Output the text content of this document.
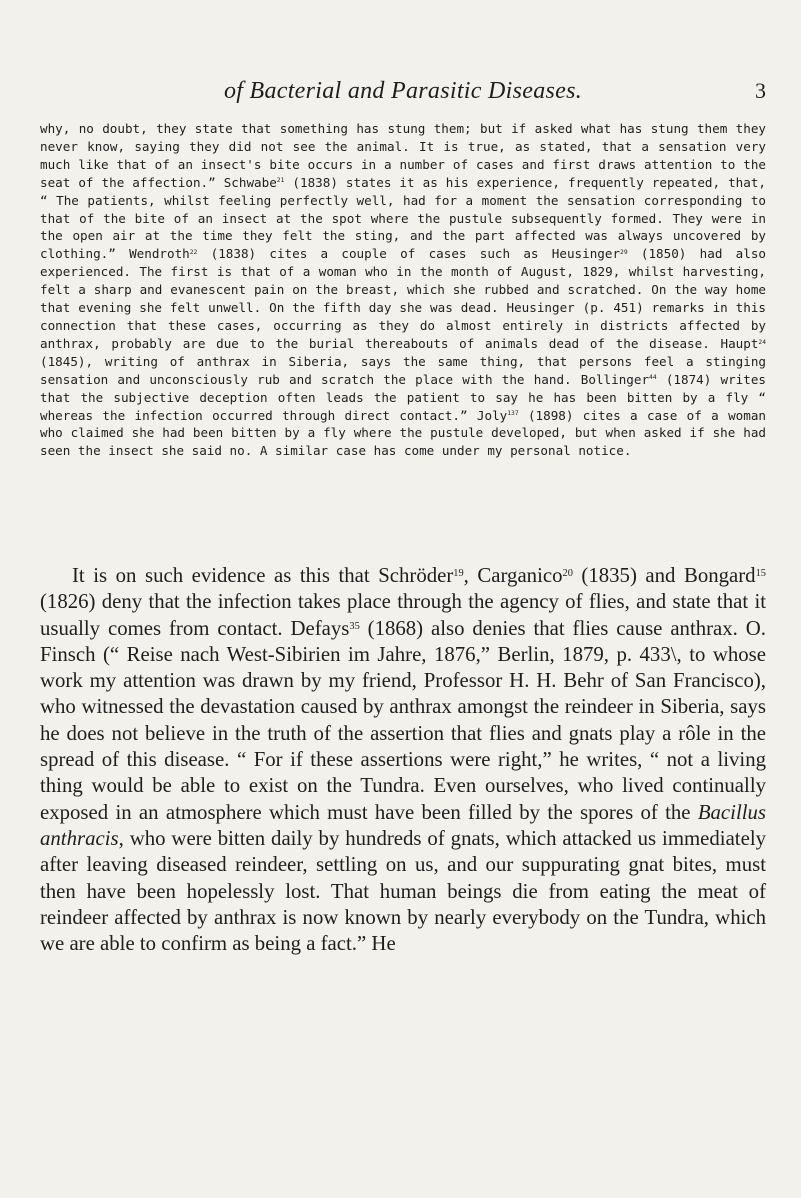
of Bacterial and Parasitic Diseases.	3

why, no doubt, they state that something has stung them; but if asked what has stung them they never know, saying they did not see the animal. It is true, as stated, that a sensation very much like that of an insect's bite occurs in a number of cases and first draws attention to the seat of the affection.” Schwabe$^{21}$ (1838) states it as his experience, frequently repeated, that, “ The patients, whilst feeling perfectly well, had for a moment the sensation corresponding to that of the bite of an insect at the spot where the pustule subsequently formed. They were in the open air at the time they felt the sting, and the part affected was always uncovered by clothing.” Wendroth$^{22}$ (1838) cites a couple of cases such as Heusinger$^{29}$ (1850) had also experienced. The first is that of a woman who in the month of August, 1829, whilst harvesting, felt a sharp and evanescent pain on the breast, which she rubbed and scratched. On the way home that evening she felt unwell. On the fifth day she was dead. Heusinger (p. 451) remarks in this connection that these cases, occurring as they do almost entirely in districts affected by anthrax, probably are due to the burial thereabouts of animals dead of the disease. Haupt$^{24}$ (1845), writing of anthrax in Siberia, says the same thing, that persons feel a stinging sensation and unconsciously rub and scratch the place with the hand. Bollinger$^{44}$ (1874) writes that the subjective deception often leads the patient to say he has been bitten by a fly “ whereas the infection occurred through direct contact.” Joly$^{137}$ (1898) cites a case of a woman who claimed she had been bitten by a fly where the pustule developed, but when asked if she had seen the insect she said no. A similar case has come under my personal notice.

It is on such evidence as this that Schröder$^{19}$, Carganico$^{20}$ (1835) and Bongard$^{15}$ (1826) deny that the infection takes place through the agency of flies, and state that it usually comes from contact. Defays$^{35}$ (1868) also denies that flies cause anthrax. O. Finsch (“ Reise nach West-Sibirien im Jahre, 1876,” Berlin, 1879, p. 433\, to whose work my attention was drawn by my friend, Professor H. H. Behr of San Francisco), who witnessed the devastation caused by anthrax amongst the reindeer in Siberia, says he does not believe in the truth of the assertion that flies and gnats play a rôle in the spread of this disease. “ For if these assertions were right,” he writes, “ not a living thing would be able to exist on the Tundra. Even ourselves, who lived continually exposed in an atmosphere which must have been filled by the spores of the Bacillus anthracis, who were bitten daily by hundreds of gnats, which attacked us immediately after leaving diseased reindeer, settling on us, and our suppurating gnat bites, must then have been hopelessly lost. That human beings die from eating the meat of reindeer affected by anthrax is now known by nearly everybody on the Tundra, which we are able to confirm as being a fact.” He
